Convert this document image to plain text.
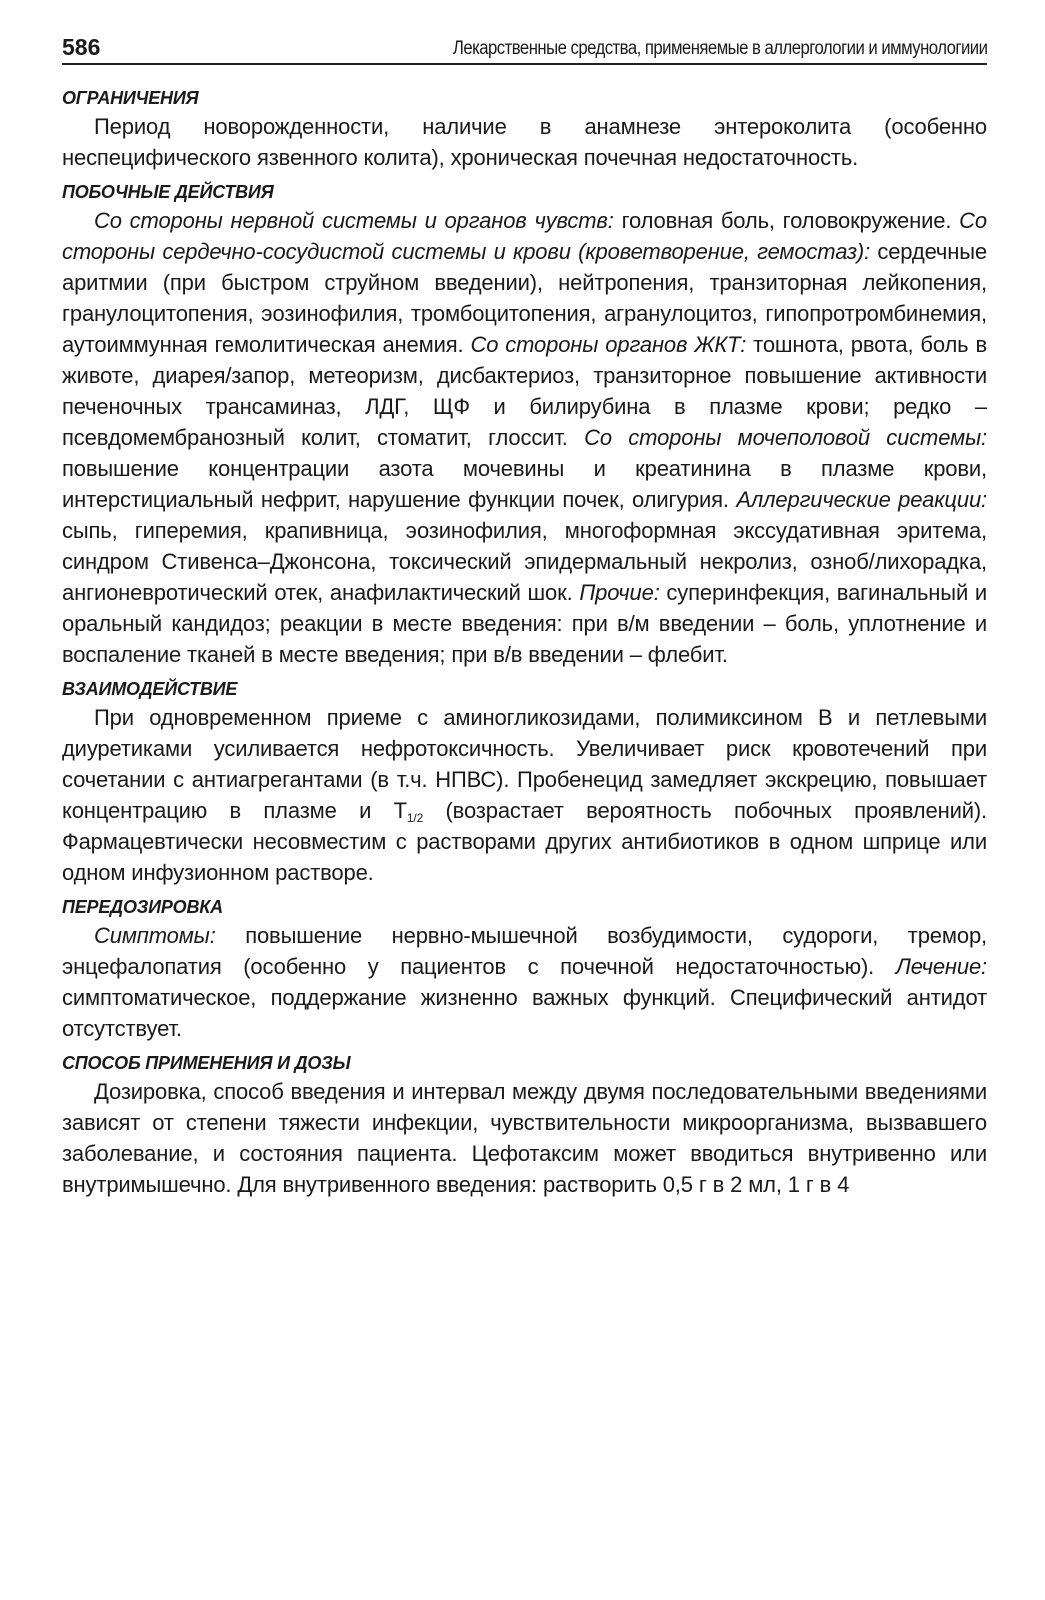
586	Лекарственные средства, применяемые в аллергологии и иммунологиии

ОГРАНИЧЕНИЯ

Период новорожденности, наличие в анамнезе энтероколита (особенно неспецифического язвенного колита), хроническая почечная недостаточность.

ПОБОЧНЫЕ ДЕЙСТВИЯ

Со стороны нервной системы и органов чувств: головная боль, головокружение. Со стороны сердечно-сосудистой системы и крови (кроветворение, гемостаз): сердечные аритмии (при быстром струйном введении), нейтропения, транзиторная лейкопения, гранулоцитопения, эозинофилия, тромбоцитопения, агранулоцитоз, гипопротромбинемия, аутоиммунная гемолитическая анемия. Со стороны органов ЖКТ: тошнота, рвота, боль в животе, диарея/запор, метеоризм, дисбактериоз, транзиторное повышение активности печеночных трансаминаз, ЛДГ, ЩФ и билирубина в плазме крови; редко – псевдомембранозный колит, стоматит, глоссит. Со стороны мочеполовой системы: повышение концентрации азота мочевины и креатинина в плазме крови, интерстициальный нефрит, нарушение функции почек, олигурия. Аллергические реакции: сыпь, гиперемия, крапивница, эозинофилия, многоформная экссудативная эритема, синдром Стивенса–Джонсона, токсический эпидермальный некролиз, озноб/лихорадка, ангионевротический отек, анафилактический шок. Прочие: суперинфекция, вагинальный и оральный кандидоз; реакции в месте введения: при в/м введении – боль, уплотнение и воспаление тканей в месте введения; при в/в введении – флебит.

ВЗАИМОДЕЙСТВИЕ

При одновременном приеме с аминогликозидами, полимиксином В и петлевыми диуретиками усиливается нефротоксичность. Увеличивает риск кровотечений при сочетании с антиагрегантами (в т.ч. НПВС). Пробенецид замедляет экскрецию, повышает концентрацию в плазме и $T_{1/2}$ (возрастает вероятность побочных проявлений). Фармацевтически несовместим с растворами других антибиотиков в одном шприце или одном инфузионном растворе.

ПЕРЕДОЗИРОВКА

Симптомы: повышение нервно-мышечной возбудимости, судороги, тремор, энцефалопатия (особенно у пациентов с почечной недостаточностью). Лечение: симптоматическое, поддержание жизненно важных функций. Специфический антидот отсутствует.

СПОСОБ ПРИМЕНЕНИЯ И ДОЗЫ

Дозировка, способ введения и интервал между двумя последовательными введениями зависят от степени тяжести инфекции, чувствительности микроорганизма, вызвавшего заболевание, и состояния пациента. Цефотаксим может вводиться внутривенно или внутримышечно. Для внутривенного введения: растворить 0,5 г в 2 мл, 1 г в 4
